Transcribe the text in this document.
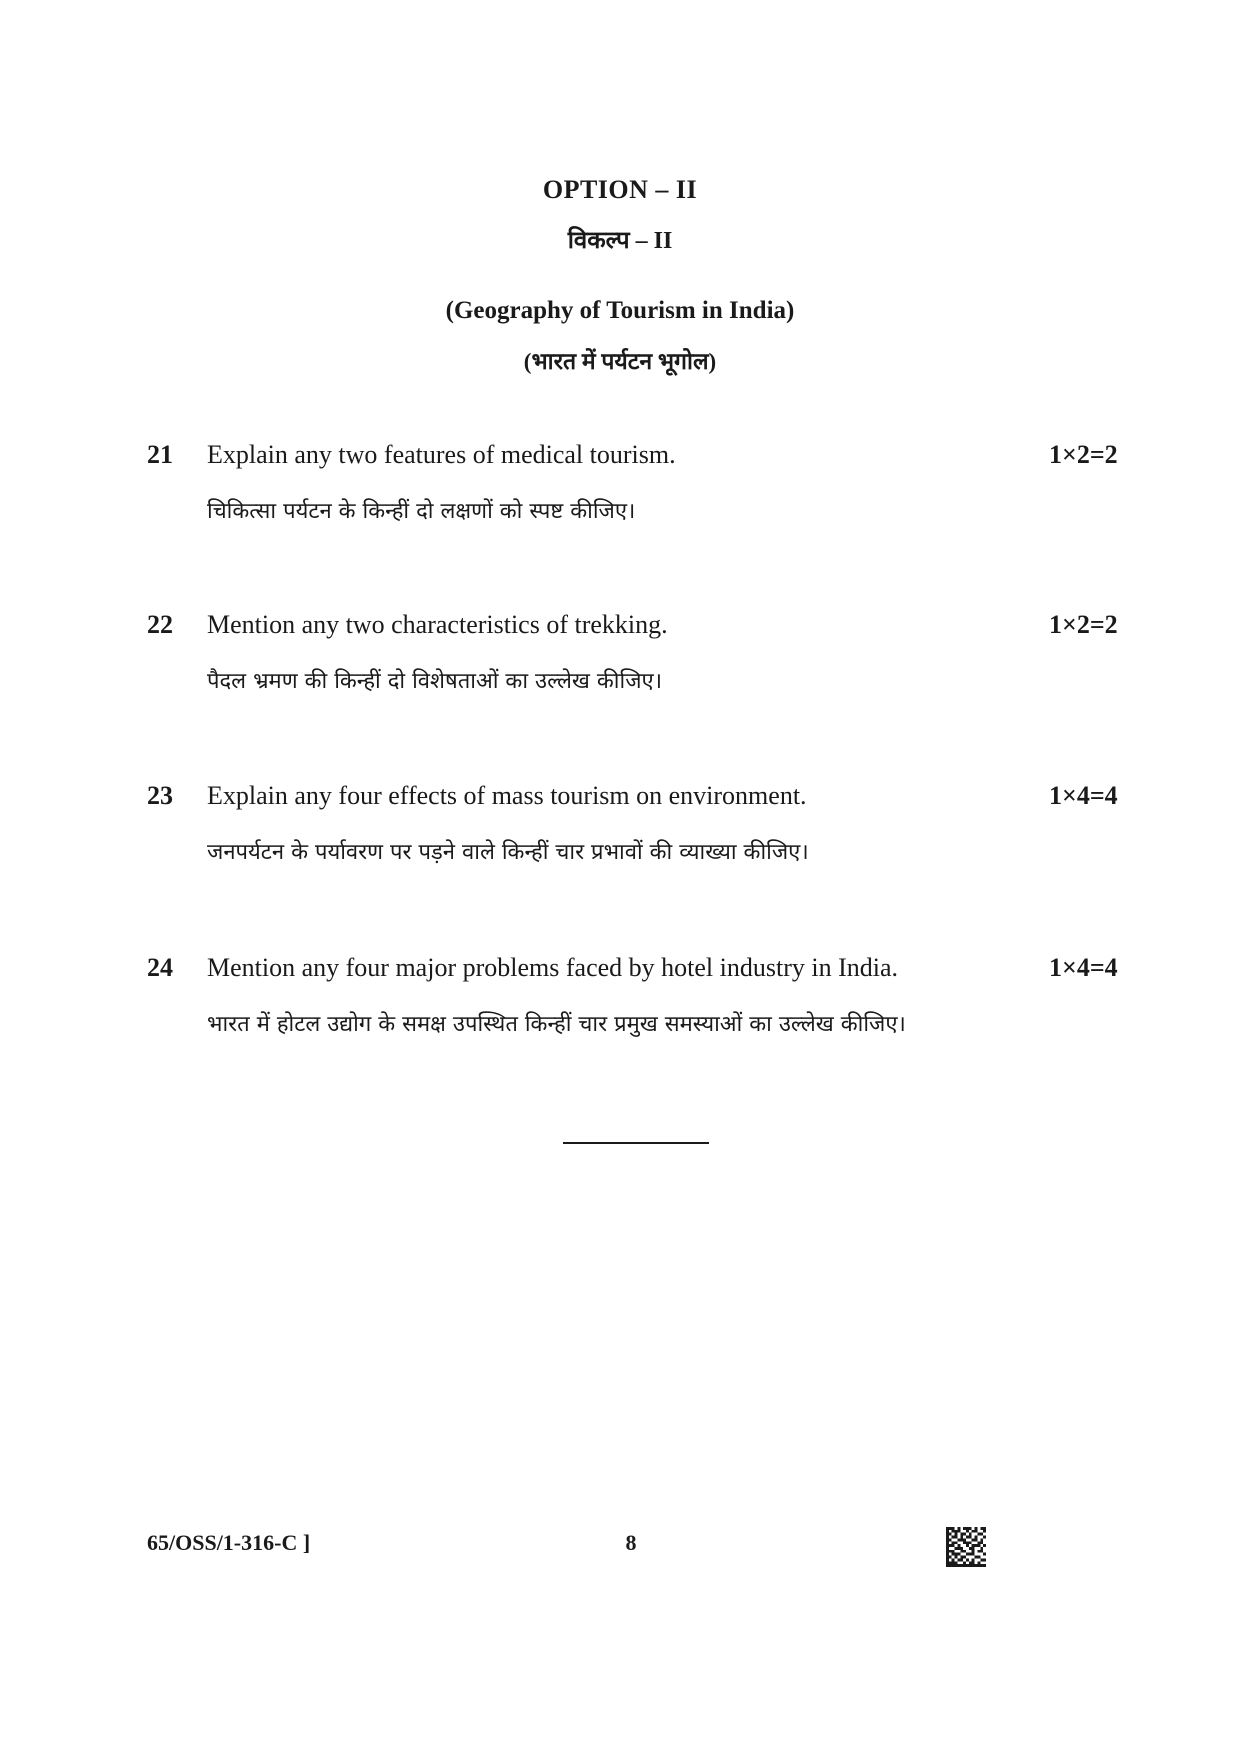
OPTION – II
विकल्प – II
(Geography of Tourism in India)
(भारत में पर्यटन भूगोल)
21 Explain any two features of medical tourism.	1×2=2
चिकित्सा पर्यटन के किन्हीं दो लक्षणों को स्पष्ट कीजिए।
22 Mention any two characteristics of trekking.	1×2=2
पैदल भ्रमण की किन्हीं दो विशेषताओं का उल्लेख कीजिए।
23 Explain any four effects of mass tourism on environment.	1×4=4
जनपर्यटन के पर्यावरण पर पड़ने वाले किन्हीं चार प्रभावों की व्याख्या कीजिए।
24 Mention any four major problems faced by hotel industry in India.	1×4=4
भारत में होटल उद्योग के समक्ष उपस्थित किन्हीं चार प्रमुख समस्याओं का उल्लेख कीजिए।
65/OSS/1-316-C ]	8
